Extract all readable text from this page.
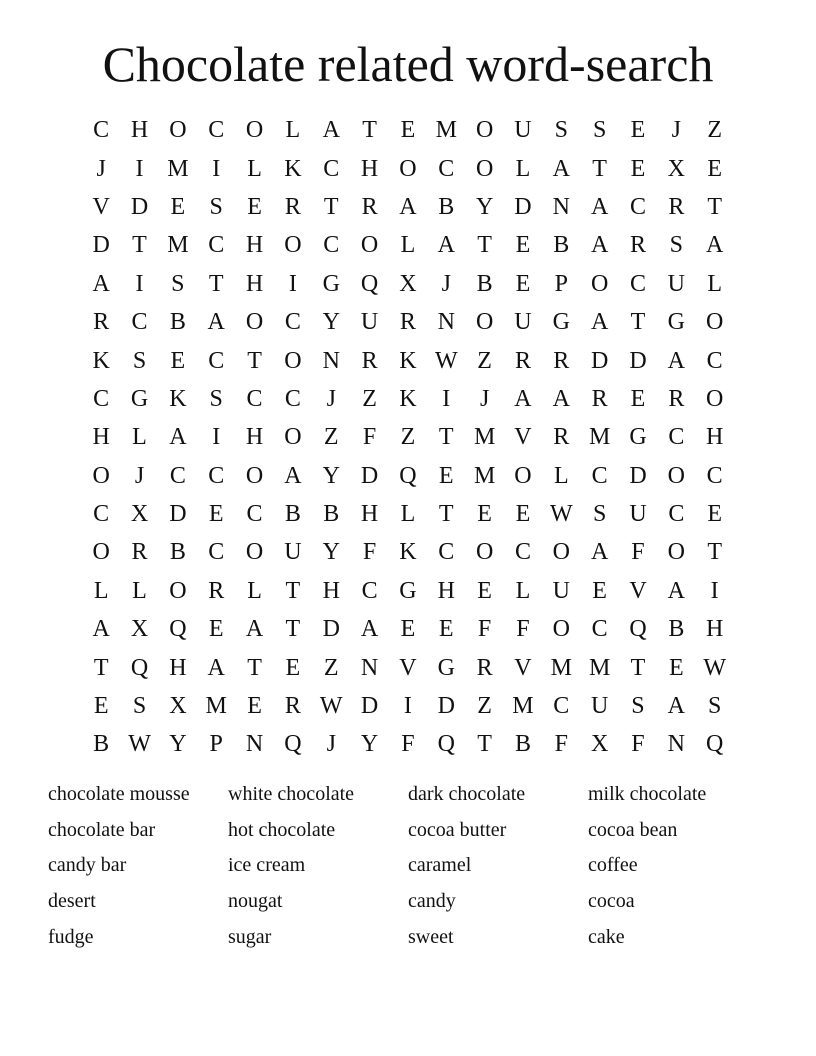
Chocolate related word-search
C H O C O L A T E M O U S	S	E	J	Z
J	I M I	L K C H O C O L A T E X E
V D E	S	E R T R A B Y D N A C R T
D T M C H O C O L A T E B A R S A
A	I	S	T H	I	G Q X	J	B E	P O C U L
R C B A O C Y U R N O U G A T G O
K S	E C T O N R K W Z R R D D A C
C G K S C C	J	Z K	I	J	A A R E R O
H L A	I	H O Z	F	Z T M V R M G C H
O	J	C C O A Y D Q E M O L C D O C
C X D E C B B H L T E E W S U C E
O R B C O U Y F K C O C O A F O T
L L O R L T H C G H E L U E V A	I
A X Q E A T D A E E	F	F O C Q B H
T Q H A T E Z N V G R V M M T E W
E	S X M E R W D	I	D Z M C U S A S
B W Y P N Q	J	Y F Q T B F X F N Q
chocolate mousse	white chocolate	dark chocolate	milk chocolate
chocolate bar	hot chocolate	cocoa butter	cocoa bean
candy bar	ice cream	caramel	coffee
desert	nougat	candy	cocoa
fudge	sugar	sweet	cake
